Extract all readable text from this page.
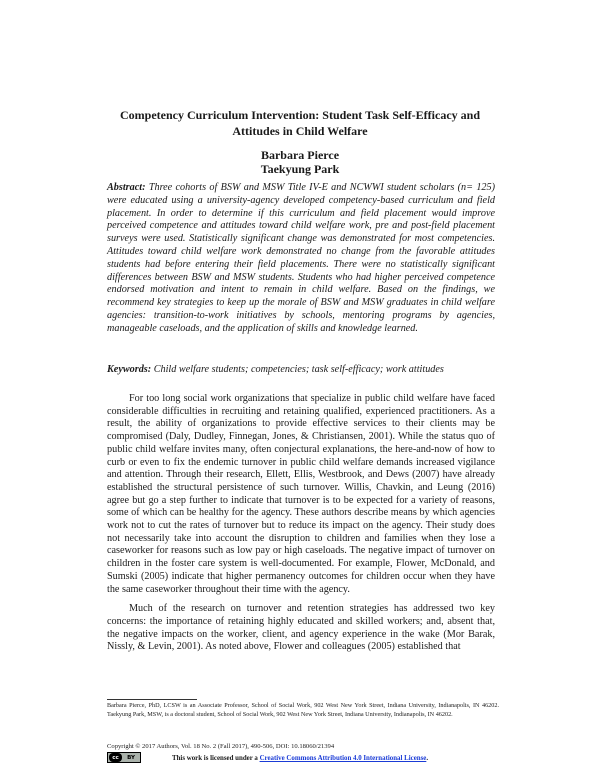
Competency Curriculum Intervention: Student Task Self-Efficacy and
Attitudes in Child Welfare
Barbara Pierce
Taekyung Park
Abstract: Three cohorts of BSW and MSW Title IV-E and NCWWI student scholars (n= 125) were educated using a university-agency developed competency-based curriculum and field placement. In order to determine if this curriculum and field placement would improve perceived competence and attitudes toward child welfare work, pre and post-field placement surveys were used. Statistically significant change was demonstrated for most competencies. Attitudes toward child welfare work demonstrated no change from the favorable attitudes students had before entering their field placements. There were no statistically significant differences between BSW and MSW students. Students who had higher perceived competence endorsed motivation and intent to remain in child welfare. Based on the findings, we recommend key strategies to keep up the morale of BSW and MSW graduates in child welfare agencies: transition-to-work initiatives by schools, mentoring programs by agencies, manageable caseloads, and the application of skills and knowledge learned.
Keywords: Child welfare students; competencies; task self-efficacy; work attitudes

For too long social work organizations that specialize in public child welfare have faced considerable difficulties in recruiting and retaining qualified, experienced practitioners. As a result, the ability of organizations to provide effective services to their clients may be compromised (Daly, Dudley, Finnegan, Jones, & Christiansen, 2001). While the status quo of public child welfare invites many, often conjectural explanations, the here-and-now of how to curb or even to fix the endemic turnover in public child welfare demands increased vigilance and attention. Through their research, Ellett, Ellis, Westbrook, and Dews (2007) have already established the structural persistence of such turnover. Willis, Chavkin, and Leung (2016) agree but go a step further to indicate that turnover is to be expected for a variety of reasons, some of which can be healthy for the agency. These authors describe means by which agencies work not to cut the rates of turnover but to reduce its impact on the agency. Their study does not necessarily take into account the disruption to children and families when they lose a caseworker for reasons such as low pay or high caseloads. The negative impact of turnover on children in the foster care system is well-documented. For example, Flower, McDonald, and Sumski (2005) indicate that higher permanency outcomes for children occur when they have the same caseworker throughout their time with the agency.

Much of the research on turnover and retention strategies has addressed two key concerns: the importance of retaining highly educated and skilled workers; and, absent that, the negative impacts on the worker, client, and agency experience in the wake (Mor Barak, Nissly, & Levin, 2001). As noted above, Flower and colleagues (2005) established that

Barbara Pierce, PhD, LCSW is an Associate Professor, School of Social Work, 902 West New York Street, Indiana University, Indianapolis, IN 46202. Taekyung Park, MSW, is a doctoral student, School of Social Work, 902 West New York Street, Indiana University, Indianapolis, IN 46202.
Copyright © 2017 Authors, Vol. 18 No. 2 (Fall 2017), 490-506, DOI: 10.18060/21394
cc	BY	This work is licensed under a Creative Commons Attribution 4.0 International License.
